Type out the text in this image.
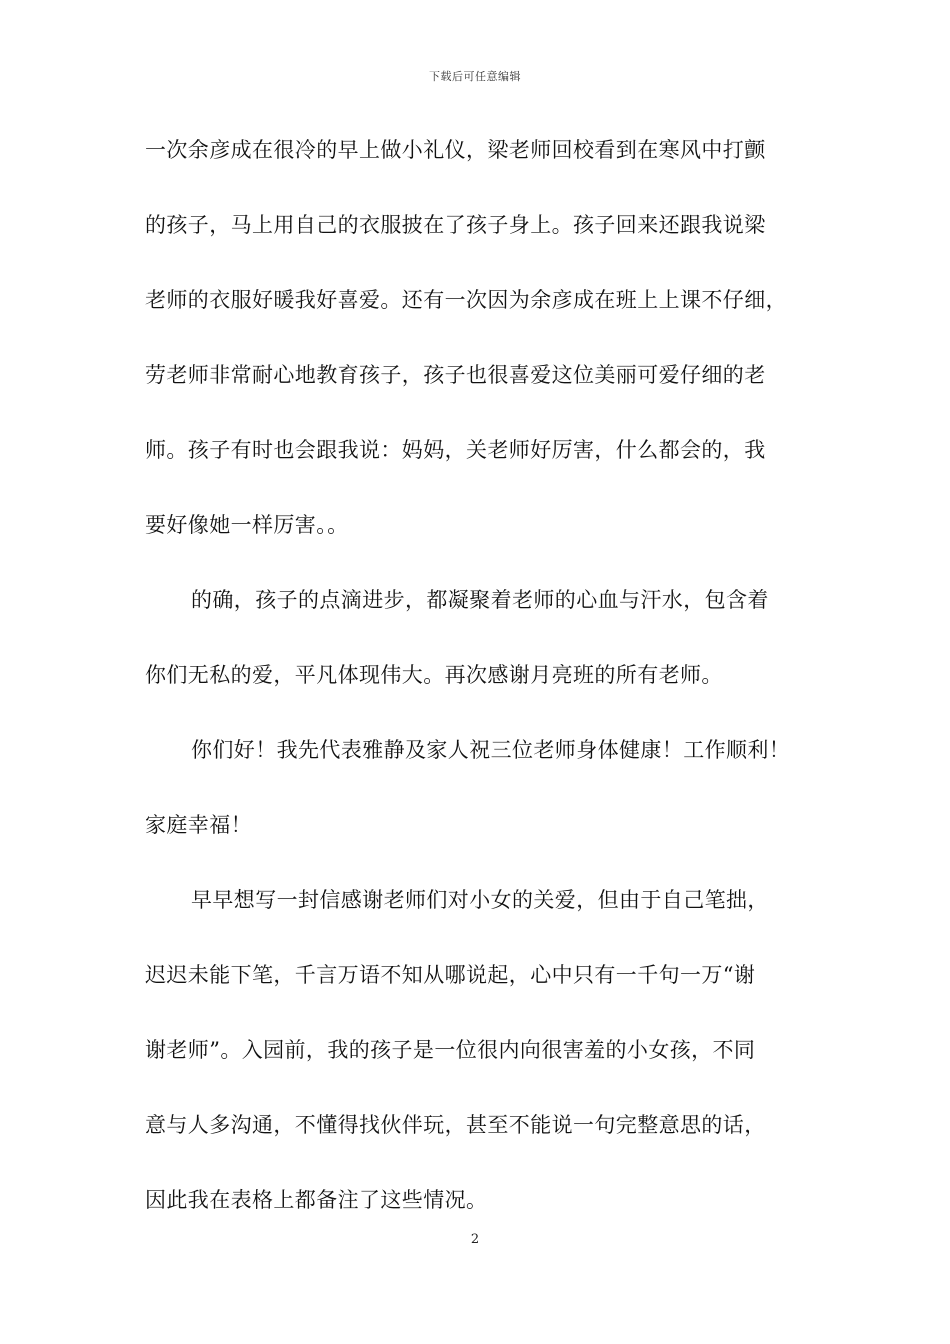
下载后可任意编辑
一次余彦成在很冷的早上做小礼仪，梁老师回校看到在寒风中打颤
的孩子，马上用自己的衣服披在了孩子身上。孩子回来还跟我说梁
老师的衣服好暖我好喜爱。还有一次因为余彦成在班上上课不仔细，
劳老师非常耐心地教育孩子，孩子也很喜爱这位美丽可爱仔细的老
师。孩子有时也会跟我说：妈妈，关老师好厉害，什么都会的，我
要好像她一样厉害。。
的确，孩子的点滴进步，都凝聚着老师的心血与汗水，包含着
你们无私的爱，平凡体现伟大。再次感谢月亮班的所有老师。
你们好！我先代表雅静及家人祝三位老师身体健康！工作顺利！
家庭幸福！
早早想写一封信感谢老师们对小女的关爱，但由于自己笔拙，
迟迟未能下笔，千言万语不知从哪说起，心中只有一千句一万“谢
谢老师”。入园前，我的孩子是一位很内向很害羞的小女孩，不同
意与人多沟通，不懂得找伙伴玩，甚至不能说一句完整意思的话，
因此我在表格上都备注了这些情况。
2
